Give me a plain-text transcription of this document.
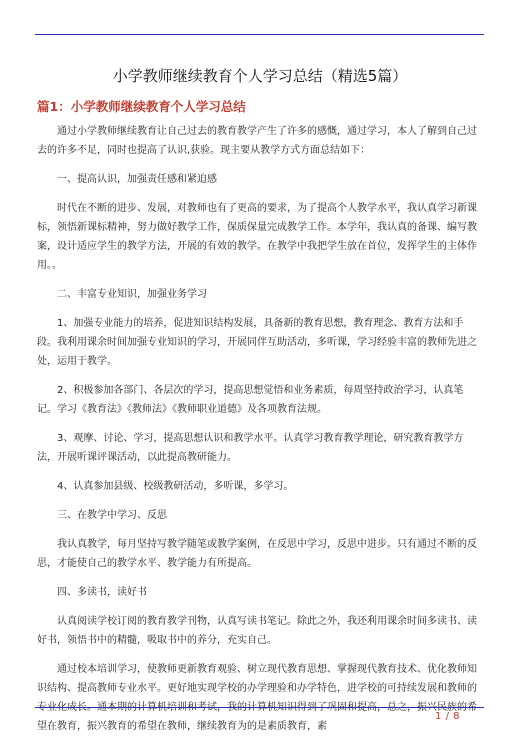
小学教师继续教育个人学习总结（精选5篇）
篇1：小学教师继续教育个人学习总结

通过小学教师继续教育让自己过去的教育教学产生了许多的感慨，通过学习，本人了解到自己过去的许多不足，同时也提高了认识,获验。现主要从教学方式方面总结如下：

一、提高认识，加强责任感和紧迫感

时代在不断的进步、发展，对教师也有了更高的要求，为了提高个人教学水平，我认真学习新课标，领悟新课标精神，努力做好教学工作，保质保量完成教学工作。本学年，我认真的备课、编写教案，设计适应学生的教学方法，开展的有效的教学。在教学中我把学生放在首位，发挥学生的主体作用。。

二、丰富专业知识，加强业务学习

1、加强专业能力的培养，促进知识结构发展，具备新的教育思想，教育理念、教育方法和手段。我利用课余时间加强专业知识的学习，开展同伴互助活动，多听课，学习经验丰富的教师先进之处，运用于教学。

2、积极参加各部门、各层次的学习，提高思想觉悟和业务素质，每周坚持政治学习，认真笔记。学习《教育法》《教师法》《教师职业道德》及各项教育法规。

3、观摩、讨论、学习，提高思想认识和教学水平。认真学习教育教学理论，研究教育教学方法，开展听课评课活动，以此提高教研能力。

4、认真参加县级、校级教研活动，多听课，多学习。

三、在教学中学习、反思

我认真教学，每月坚持写教学随笔或教学案例，在反思中学习，反思中进步。只有通过不断的反思，才能使自己的教学水平、教学能力有所提高。

四、多读书，读好书

认真阅读学校订阅的教育教学刊物，认真写读书笔记。除此之外，我还利用课余时间多读书、读好书，领悟书中的精髓，吸取书中的养分，充实自己。

通过校本培训学习，使教师更新教育观验、树立现代教育思想、掌握现代教育技术、优化教师知识结构、提高教师专业水平。更好地实现学校的办学理验和办学特色，进学校的可持续发展和教师的专业化成长。通本期的计算机培训和考试，我的计算机知识得到了巩固和提高，总之，振兴民族的希望在教育，振兴教育的希望在教师，继续教育为的是素质教育，素

1 / 8
